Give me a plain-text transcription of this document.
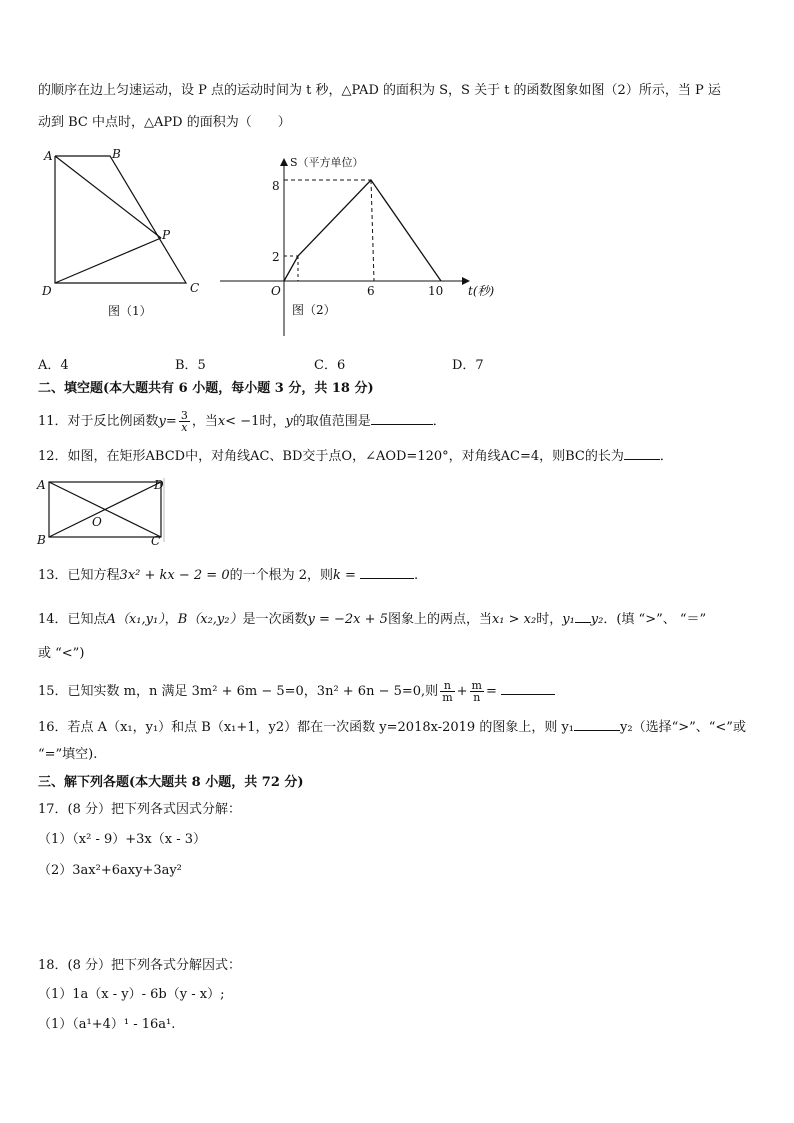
的顺序在边上匀速运动，设 P 点的运动时间为 t 秒，△PAD 的面积为 S，S 关于 t 的函数图象如图（2）所示，当 P 运
动到 BC 中点时，△APD 的面积为（　　）
A	B
P
D	C
图（1）
S（平方单位）
8
2
O	6	10 t(秒)
图（2）
A．4	B．5	C．6	D．7
二、填空题(本大题共有 6 小题，每小题 3 分，共 18 分)
11．对于反比例函数$y= \frac{3}{x}$ ，当x< −1时，y的取值范围是	．
12．如图，在矩形ABCD中，对角线AC、BD交于点O，∠AOD=120°，对角线AC=4，则BC的长为	．
A	D
O
B	C
13．已知方程3x² + kx − 2 = 0的一个根为 2，则k =	.
14．已知点A（x₁,y₁），B（x₂,y₂）是一次函数y = −2x + 5图象上的两点，当x₁ > x₂时，y₁ y₂．(填 “>”、 “＝”
或 “<”)
15．已知实数 m，n 满足 3m² + 6m − 5=0，3n² + 6n − 5=0,则 $\frac{n}{m} + \frac{m}{n}$ =
16．若点 A（x₁，y₁）和点 B（x₁+1，y2）都在一次函数 y=2018x-2019 的图象上，则 y₁	y₂（选择“>”、“<”或
“=”填空).
三、解下列各题(本大题共 8 小题，共 72 分)
17．(8 分）把下列各式因式分解：
（1）（x² - 9）+3x（x - 3）
（2）3ax²+6axy+3ay²
18．(8 分）把下列各式分解因式：
（1）1a（x - y）- 6b（y - x）;
（1）（a¹+4）¹ - 16a¹.
